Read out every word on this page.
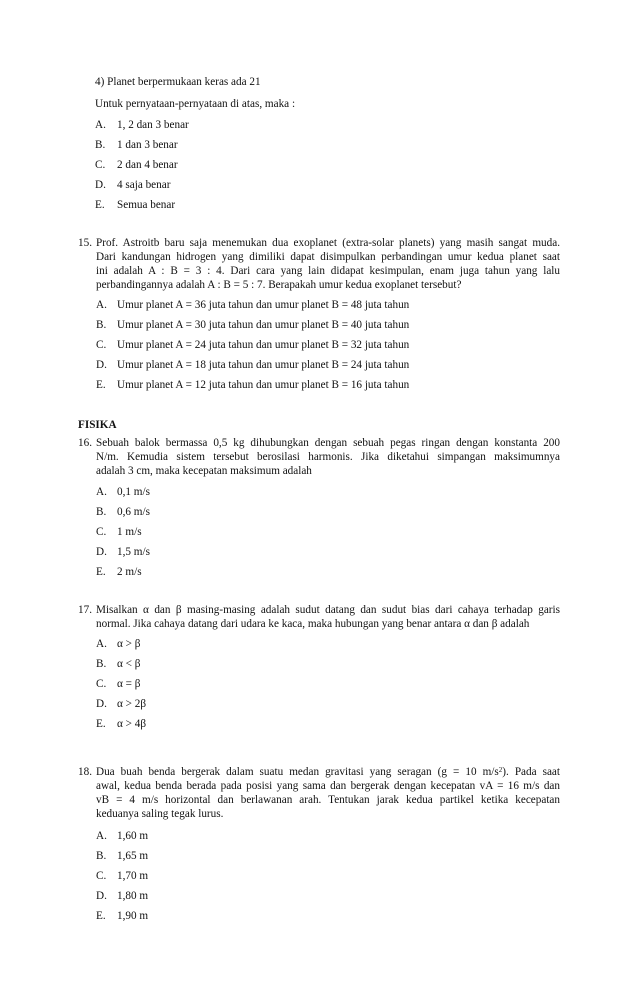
4) Planet berpermukaan keras ada 21
Untuk pernyataan-pernyataan di atas, maka :
A. 1, 2 dan 3 benar
B.	1 dan 3 benar
C.	2 dan 4 benar
D. 4 saja benar
E.	Semua benar
15. Prof. Astroitb baru saja menemukan dua exoplanet (extra-solar planets) yang masih sangat muda.
Dari kandungan hidrogen yang dimiliki dapat disimpulkan perbandingan umur kedua planet saat
ini adalah A : B = 3 : 4. Dari cara yang lain didapat kesimpulan, enam juga tahun yang lalu
perbandingannya adalah A : B = 5 : 7. Berapakah umur kedua exoplanet tersebut?
A. Umur planet A = 36 juta tahun dan umur planet B = 48 juta tahun
B. Umur planet A = 30 juta tahun dan umur planet B = 40 juta tahun
C. Umur planet A = 24 juta tahun dan umur planet B = 32 juta tahun
D. Umur planet A = 18 juta tahun dan umur planet B = 24 juta tahun
E.	Umur planet A = 12 juta tahun dan umur planet B = 16 juta tahun
FISIKA
16. Sebuah balok bermassa 0,5 kg dihubungkan dengan sebuah pegas ringan dengan konstanta 200
N/m. Kemudia sistem tersebut berosilasi harmonis. Jika diketahui simpangan maksimumnya
adalah 3 cm, maka kecepatan maksimum adalah
A. 0,1 m/s
B. 0,6 m/s
C. 1 m/s
D. 1,5 m/s
E.	2 m/s
17. Misalkan α dan β masing-masing adalah sudut datang dan sudut bias dari cahaya terhadap garis
normal. Jika cahaya datang dari udara ke kaca, maka hubungan yang benar antara α dan β adalah
A. α > β
B. α < β
C. α = β
D. α > 2β
E.	α > 4β
18. Dua buah benda bergerak dalam suatu medan gravitasi yang seragan (g = 10 $m/s^2$). Pada saat
awal, kedua benda berada pada posisi yang sama dan bergerak dengan kecepatan vA = 16 m/s dan
vB = 4 m/s horizontal dan berlawanan arah. Tentukan jarak kedua partikel ketika kecepatan
keduanya saling tegak lurus.
A. 1,60 m
B. 1,65 m
C. 1,70 m
D. 1,80 m
E.	1,90 m
